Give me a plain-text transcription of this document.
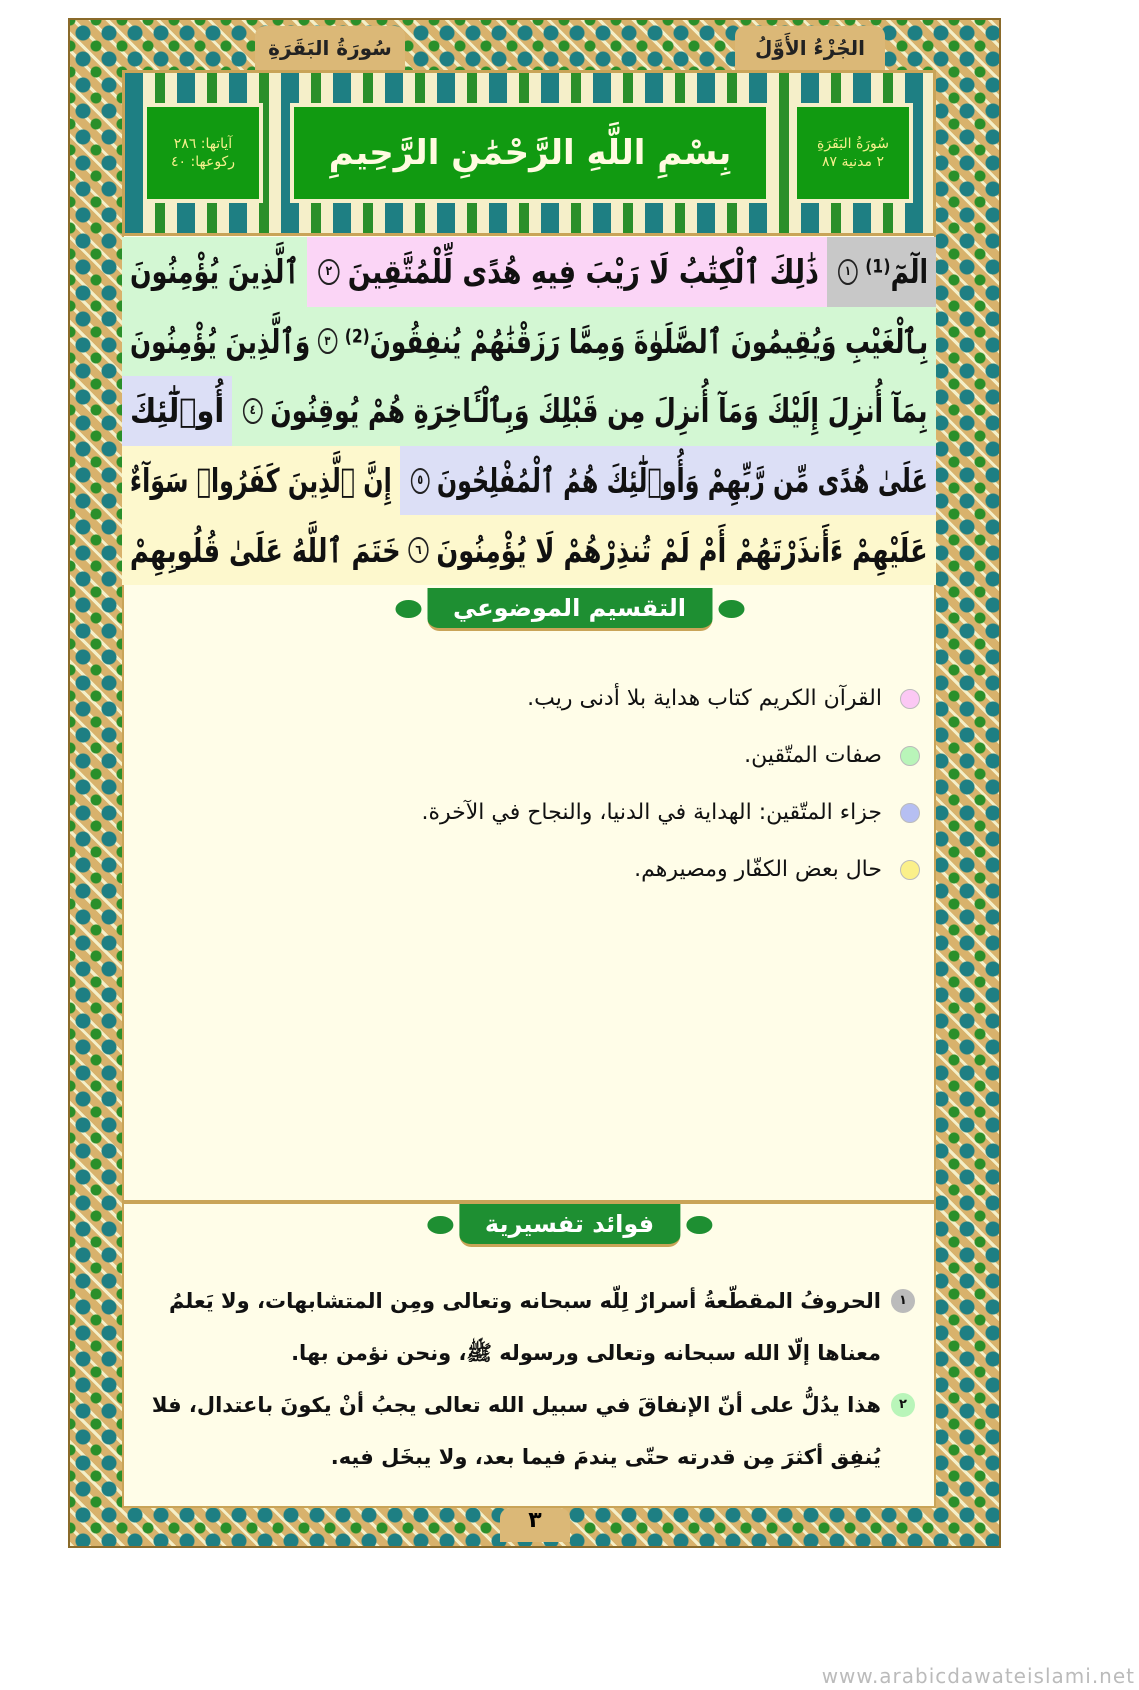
الجُزْءُ الأَوَّلُ
سُورَةُ البَقَرَةِ
سُورَةُ البَقَرَةِ
٢ مدنية ٨٧
بِسْمِ اللَّهِ الرَّحْمَٰنِ الرَّحِيمِ
آياتها: ٢٨٦
ركوعها: ٤٠
الٓمٓ⁽¹⁾
١
ذَٰلِكَ ٱلْكِتَٰبُ لَا رَيْبَ فِيهِ هُدًى لِّلْمُتَّقِينَ
٢
ٱلَّذِينَ يُؤْمِنُونَ
بِٱلْغَيْبِ وَيُقِيمُونَ ٱلصَّلَوٰةَ وَمِمَّا رَزَقْنَٰهُمْ يُنفِقُونَ⁽²⁾
٣
وَٱلَّذِينَ يُؤْمِنُونَ
بِمَآ أُنزِلَ إِلَيْكَ وَمَآ أُنزِلَ مِن قَبْلِكَ وَبِٱلْـَٔاخِرَةِ هُمْ يُوقِنُونَ
٤
أُو۟لَٰٓئِكَ
عَلَىٰ هُدًى مِّن رَّبِّهِمْ وَأُو۟لَٰٓئِكَ هُمُ ٱلْمُفْلِحُونَ
٥
إِنَّ ٱلَّذِينَ كَفَرُوا۟ سَوَآءٌ
عَلَيْهِمْ ءَأَنذَرْتَهُمْ أَمْ لَمْ تُنذِرْهُمْ لَا يُؤْمِنُونَ
٦
خَتَمَ ٱللَّهُ عَلَىٰ قُلُوبِهِمْ
التقسيم الموضوعي
القرآن الكريم كتاب هداية بلا أدنى ريب.
صفات المتّقين.
جزاء المتّقين: الهداية في الدنيا، والنجاح في الآخرة.
حال بعض الكفّار ومصيرهم.
فوائد تفسيرية
١
الحروفُ المقطّعةُ أسرارٌ لِلّه سبحانه وتعالى ومِن المتشابهات، ولا يَعلمُ معناها إلّا الله سبحانه وتعالى ورسوله ﷺ، ونحن نؤمن بها.
٢
هذا يدُلُّ على أنّ الإنفاقَ في سبيل الله تعالى يجبُ أنْ يكونَ باعتدال، فلا يُنفِق أكثرَ مِن قدرته حتّى يندمَ فيما بعد، ولا يبخَل فيه.
٣
www.arabicdawateislami.net
